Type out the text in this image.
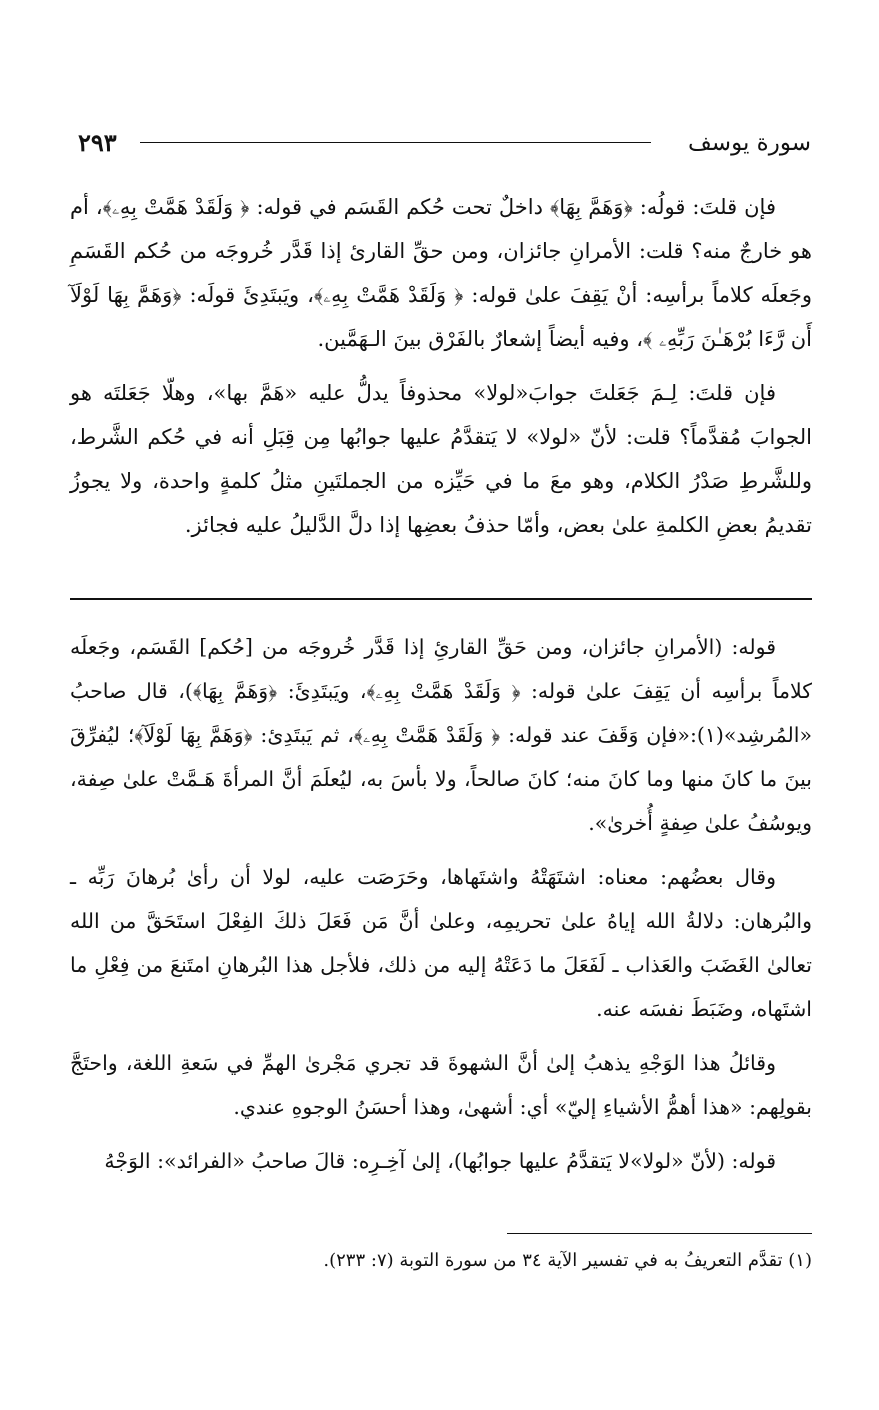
٢٩٣	سورة يوسف

فإن قلتَ: قولُه: ﴿وَهَمَّ بِهَا﴾ داخلٌ تحت حُكم القَسَم في قوله: ﴿ وَلَقَدْ هَمَّتْ بِهِۦ﴾، أم هو خارجٌ منه؟ قلت: الأمرانِ جائزان، ومن حقِّ القارئ إذا قَدَّر خُروجَه من حُكم القَسَمِ وجَعلَه كلاماً برأسِه: أنْ يَقِفَ علىٰ قوله: ﴿ وَلَقَدْ هَمَّتْ بِهِۦ﴾، ويَبتَدِئَ قولَه: ﴿وَهَمَّ بِهَا لَوْلَآ أَن رَّءَا بُرْهَـٰنَ رَبِّهِۦ ﴾، وفيه أيضاً إشعارٌ بالفَرْق بينَ الـهَمَّين.

فإن قلتَ: لِـمَ جَعَلتَ جوابَ«لولا» محذوفاً يدلُّ عليه «هَمَّ بها»، وهلّا جَعَلتَه هو الجوابَ مُقدَّماً؟ قلت: لأنّ «لولا» لا يَتقدَّمُ عليها جوابُها مِن قِبَلِ أنه في حُكم الشَّرط، وللشَّرطِ صَدْرُ الكلام، وهو معَ ما في حَيِّزه من الجملتَينِ مثلُ كلمةٍ واحدة، ولا يجوزُ تقديمُ بعضِ الكلمةِ علىٰ بعض، وأمّا حذفُ بعضِها إذا دلَّ الدَّليلُ عليه فجائز.

قوله: (الأمرانِ جائزان، ومن حَقِّ القارئِ إذا قَدَّر خُروجَه من [حُكم] القَسَم، وجَعلَه كلاماً برأسِه أن يَقِفَ علىٰ قوله: ﴿ وَلَقَدْ هَمَّتْ بِهِۦ﴾، ويَبتَدِئَ: ﴿وَهَمَّ بِهَا﴾)، قال صاحبُ «المُرشِد»(١):«فإن وَقَفَ عند قوله: ﴿ وَلَقَدْ هَمَّتْ بِهِۦ﴾، ثم يَبتَدِئ: ﴿وَهَمَّ بِهَا لَوْلَآ﴾؛ ليُفرِّقَ بينَ ما كانَ منها وما كانَ منه؛ كانَ صالحاً، ولا بأسَ به، ليُعلَمَ أنَّ المرأةَ هَـمَّتْ علىٰ صِفة، ويوسُفُ علىٰ صِفةٍ أُخرىٰ».

وقال بعضُهم: معناه: اشتَهَتْهُ واشتَهاها، وحَرَصَت عليه، لولا أن رأىٰ بُرهانَ رَبِّه ـ والبُرهان: دلالةُ الله إياهُ علىٰ تحريمِه، وعلىٰ أنَّ مَن فَعَلَ ذلكَ الفِعْلَ استَحَقَّ من الله تعالىٰ الغَضَبَ والعَذاب ـ لَفَعَلَ ما دَعَتْهُ إليه من ذلك، فلأجل هذا البُرهانِ امتَنعَ من فِعْلِ ما اشتَهاه، وضَبَطَ نفسَه عنه.

وقائلُ هذا الوَجْهِ يذهبُ إلىٰ أنَّ الشهوةَ قد تجري مَجْرىٰ الهمِّ في سَعةِ اللغة، واحتَجَّ بقولِهم: «هذا أهمُّ الأشياءِ إليّ» أي: أشهىٰ، وهذا أحسَنُ الوجوهِ عندي.

قوله: (لأنّ «لولا»لا يَتقدَّمُ عليها جوابُها)، إلىٰ آخِـرِه: قالَ صاحبُ «الفرائد»: الوَجْهُ

(١) تقدَّم التعريفُ به في تفسير الآية ٣٤ من سورة التوبة (٧: ٢٣٣).
